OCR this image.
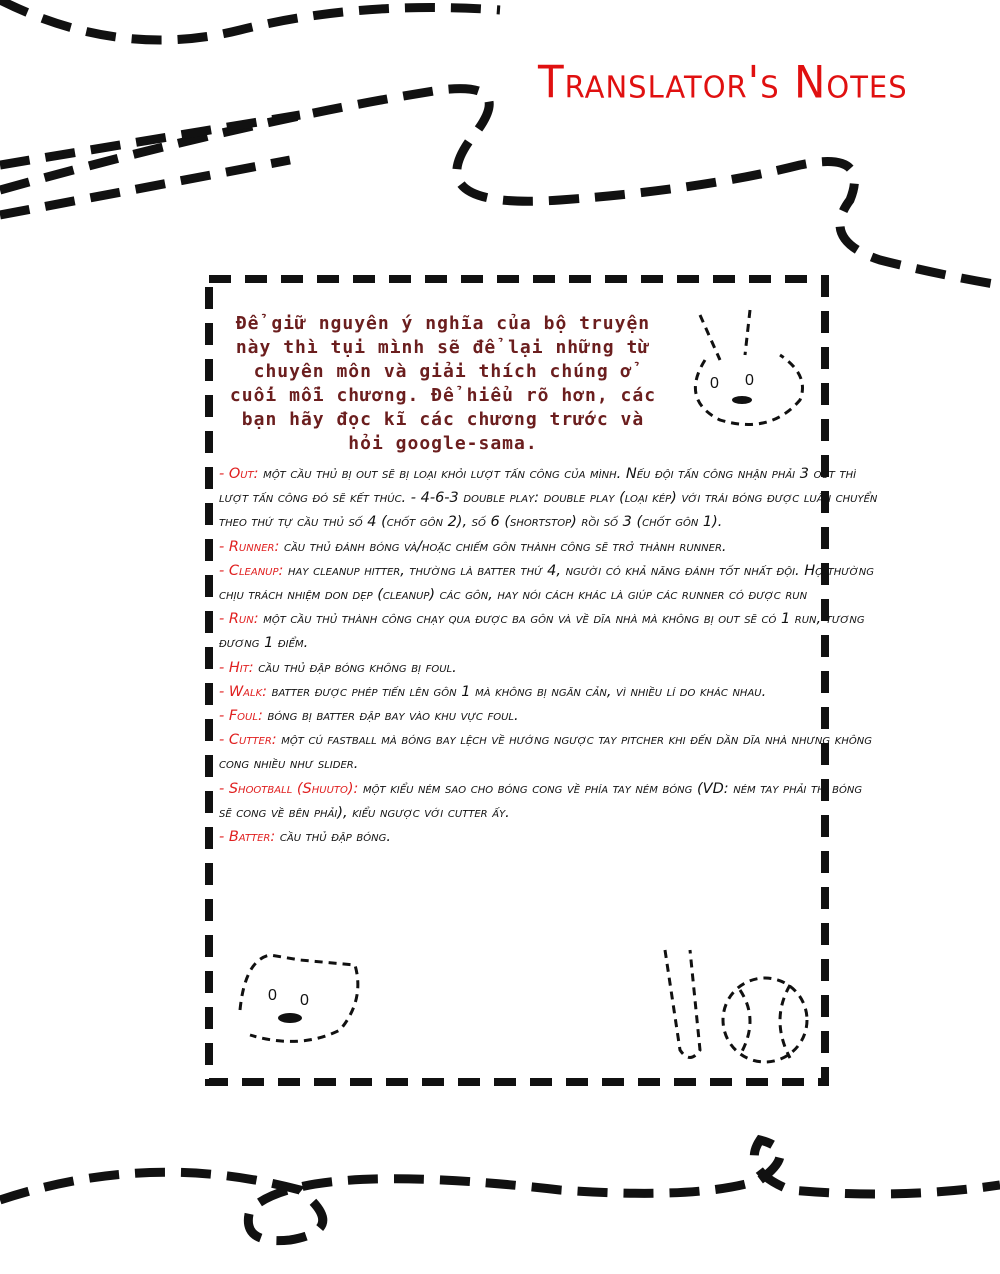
0 0
0 0
Translator's Notes
Để giữ nguyên ý nghĩa của bộ truyện này thì tụi mình sẽ để lại những từ chuyên môn và giải thích chúng ở cuối mỗi chương. Để hiểu rõ hơn, các bạn hãy đọc kĩ các chương trước và hỏi google-sama.

- Out: một cầu thủ bị out sẽ bị loại khỏi lượt tấn công của mình. Nếu đội tấn công nhận phải 3 out thì lượt tấn công đó sẽ kết thúc. - 4-6-3 double play: double play (loại kép) với trái bóng được luân chuyển theo thứ tự cầu thủ số 4 (chốt gôn 2), số 6 (shortstop) rồi số 3 (chốt gôn 1).

- Runner: cầu thủ đánh bóng và/hoặc chiếm gôn thành công sẽ trở thành runner.

- Cleanup: hay cleanup hitter, thường là batter thứ 4, người có khả năng đánh tốt nhất đội. Họ thường chịu trách nhiệm don dẹp (cleanup) các gôn, hay nói cách khác là giúp các runner có được run

- Run: một cầu thủ thành công chạy qua được ba gôn và về dĩa nhà mà không bị out sẽ có 1 run, tương đương 1 điểm.

- Hit: cầu thủ đập bóng không bị foul.

- Walk: batter được phép tiến lên gôn 1 mà không bị ngăn cản, vì nhiều lí do khác nhau.

- Foul: bóng bị batter đập bay vào khu vực foul.

- Cutter: một cú fastball mà bóng bay lệch về hướng ngược tay pitcher khi đến dần dĩa nhà nhưng không cong nhiều như slider.

- Shootball (Shuuto): một kiểu ném sao cho bóng cong về phía tay ném bóng (VD: ném tay phải thì bóng sẽ cong về bên phải), kiểu ngược với cutter ấy.

- Batter: cầu thủ đập bóng.
